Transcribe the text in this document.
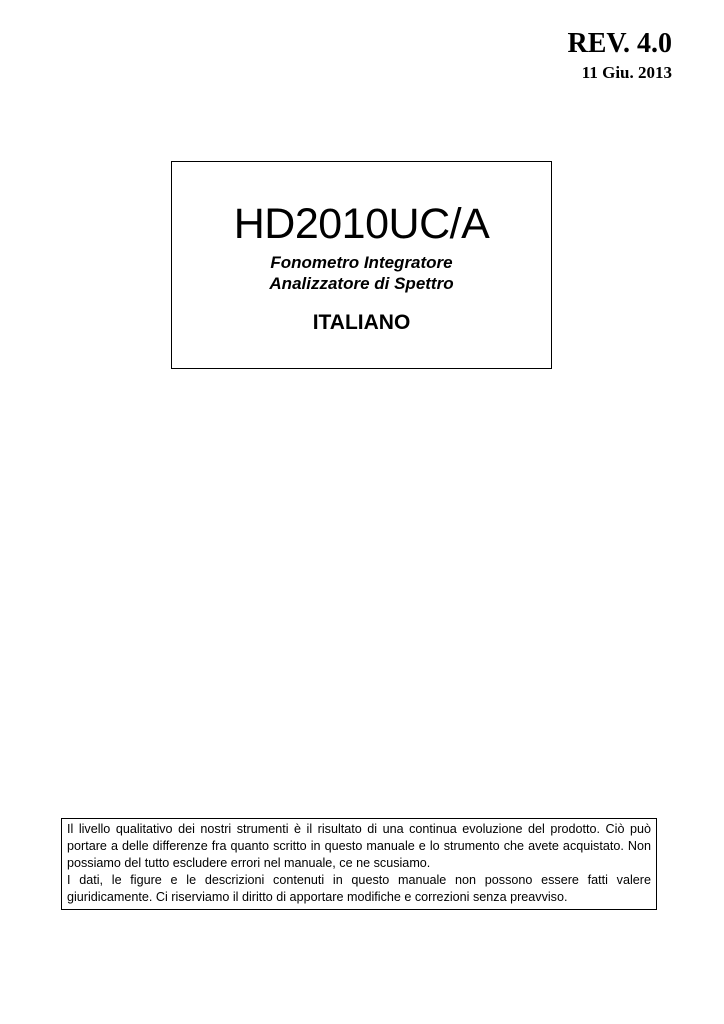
REV. 4.0
11 Giu. 2013
HD2010UC/A
Fonometro Integratore
Analizzatore di Spettro
ITALIANO

Il livello qualitativo dei nostri strumenti è il risultato di una continua evoluzione del prodotto. Ciò può portare a delle differenze fra quanto scritto in questo manuale e lo strumento che avete acquistato. Non possiamo del tutto escludere errori nel manuale, ce ne scusiamo.

I dati, le figure e le descrizioni contenuti in questo manuale non possono essere fatti valere giuridicamente. Ci riserviamo il diritto di apportare modifiche e correzioni senza preavviso.
